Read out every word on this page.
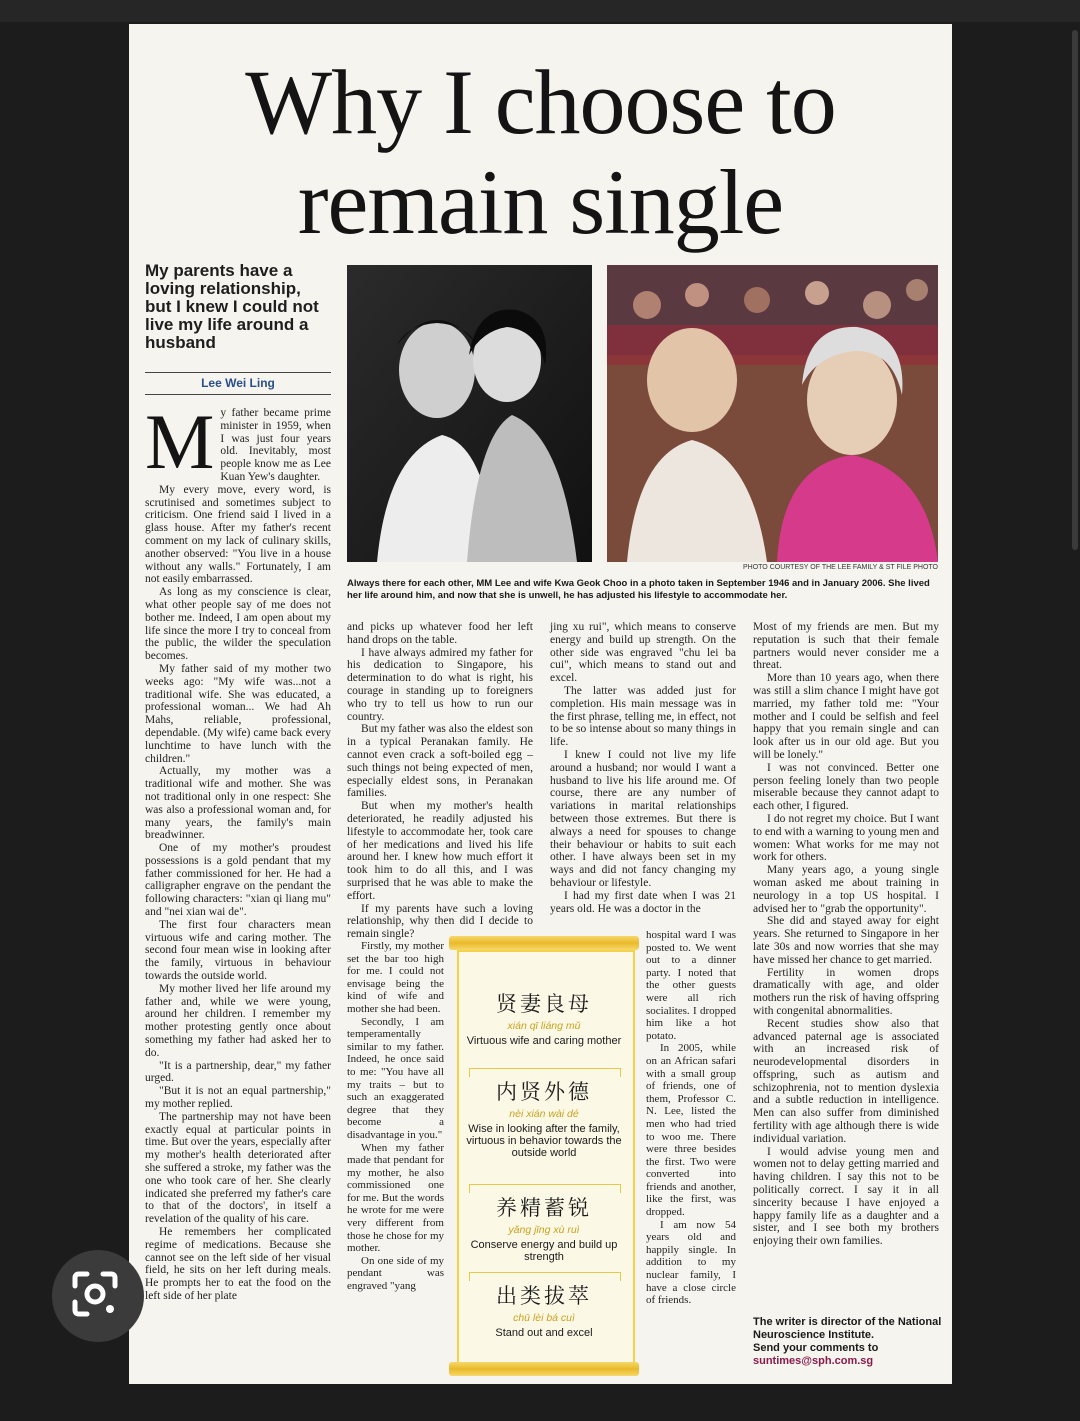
Why I choose to
remain single
My parents have a loving relationship, but I knew I could not live my life around a husband
Lee Wei Ling
PHOTO COURTESY OF THE LEE FAMILY & ST FILE PHOTO
Always there for each other, MM Lee and wife Kwa Geok Choo in a photo taken in September 1946 and in January 2006. She lived her life around him, and now that she is unwell, he has adjusted his lifestyle to accommodate her.
M y father became prime minister in 1959, when I was just four years old. Inevitably, most people know me as Lee Kuan Yew's daughter.

My every move, every word, is scrutinised and sometimes subject to criticism. One friend said I lived in a glass house. After my father's recent comment on my lack of culinary skills, another observed: "You live in a house without any walls." Fortunately, I am not easily embarrassed.

As long as my conscience is clear, what other people say of me does not bother me. Indeed, I am open about my life since the more I try to conceal from the public, the wilder the speculation becomes.

My father said of my mother two weeks ago: "My wife was...not a traditional wife. She was educated, a professional woman... We had Ah Mahs, reliable, professional, dependable. (My wife) came back every lunchtime to have lunch with the children."

Actually, my mother was a traditional wife and mother. She was not traditional only in one respect: She was also a professional woman and, for many years, the family's main breadwinner.

One of my mother's proudest possessions is a gold pendant that my father commissioned for her. He had a calligrapher engrave on the pendant the following characters: "xian qi liang mu" and "nei xian wai de".

The first four characters mean virtuous wife and caring mother. The second four mean wise in looking after the family, virtuous in behaviour towards the outside world.

My mother lived her life around my father and, while we were young, around her children. I remember my mother protesting gently once about something my father had asked her to do.

"It is a partnership, dear," my father urged.

"But it is not an equal partnership," my mother replied.

The partnership may not have been exactly equal at particular points in time. But over the years, especially after my mother's health deteriorated after she suffered a stroke, my father was the one who took care of her. She clearly indicated she preferred my father's care to that of the doctors', in itself a revelation of the quality of his care.

He remembers her complicated regime of medications. Because she cannot see on the left side of her visual field, he sits on her left during meals. He prompts her to eat the food on the left side of her plate

and picks up whatever food her left hand drops on the table.

I have always admired my father for his dedication to Singapore, his determination to do what is right, his courage in standing up to foreigners who try to tell us how to run our country.

But my father was also the eldest son in a typical Peranakan family. He cannot even crack a soft-boiled egg – such things not being expected of men, especially eldest sons, in Peranakan families.

But when my mother's health deteriorated, he readily adjusted his lifestyle to accommodate her, took care of her medications and lived his life around her. I knew how much effort it took him to do all this, and I was surprised that he was able to make the effort.

If my parents have such a loving relationship, why then did I decide to remain single?

Firstly, my mother set the bar too high for me. I could not envisage being the kind of wife and mother she had been.

Secondly, I am temperamentally similar to my father. Indeed, he once said to me: "You have all my traits – but to such an exaggerated degree that they become a disadvantage in you."

When my father made that pendant for my mother, he also commissioned one for me. But the words he wrote for me were very different from those he chose for my mother.

On one side of my pendant was engraved "yang

贤妻良母
xián qī liáng mǔ
Virtuous wife and caring mother
内贤外德
nèi xián wài dé
Wise in looking after the family, virtuous in behavior towards the outside world
养精蓄锐
yǎng jīng xù ruì
Conserve energy and build up strength
出类拔萃
chū lèi bá cuì
Stand out and excel

jing xu rui", which means to conserve energy and build up strength. On the other side was engraved "chu lei ba cui", which means to stand out and excel.

The latter was added just for completion. His main message was in the first phrase, telling me, in effect, not to be so intense about so many things in life.

I knew I could not live my life around a husband; nor would I want a husband to live his life around me. Of course, there are any number of variations in marital relationships between those extremes. But there is always a need for spouses to change their behaviour or habits to suit each other. I have always been set in my ways and did not fancy changing my behaviour or lifestyle.

I had my first date when I was 21 years old. He was a doctor in the

hospital ward I was posted to. We went out to a dinner party. I noted that the other guests were all rich socialites. I dropped him like a hot potato.

In 2005, while on an African safari with a small group of friends, one of them, Professor C. N. Lee, listed the men who had tried to woo me. There were three besides the first. Two were converted into friends and another, like the first, was dropped.

I am now 54 years old and happily single. In addition to my nuclear family, I have a close circle of friends.

Most of my friends are men. But my reputation is such that their female partners would never consider me a threat.

More than 10 years ago, when there was still a slim chance I might have got married, my father told me: "Your mother and I could be selfish and feel happy that you remain single and can look after us in our old age. But you will be lonely."

I was not convinced. Better one person feeling lonely than two people miserable because they cannot adapt to each other, I figured.

I do not regret my choice. But I want to end with a warning to young men and women: What works for me may not work for others.

Many years ago, a young single woman asked me about training in neurology in a top US hospital. I advised her to "grab the opportunity".

She did and stayed away for eight years. She returned to Singapore in her late 30s and now worries that she may have missed her chance to get married.

Fertility in women drops dramatically with age, and older mothers run the risk of having offspring with congenital abnormalities.

Recent studies show also that advanced paternal age is associated with an increased risk of neurodevelopmental disorders in offspring, such as autism and schizophrenia, not to mention dyslexia and a subtle reduction in intelligence. Men can also suffer from diminished fertility with age although there is wide individual variation.

I would advise young men and women not to delay getting married and having children. I say this not to be politically correct. I say it in all sincerity because I have enjoyed a happy family life as a daughter and a sister, and I see both my brothers enjoying their own families.

The writer is director of the National Neuroscience Institute.
Send your comments to
suntimes@sph.com.sg
